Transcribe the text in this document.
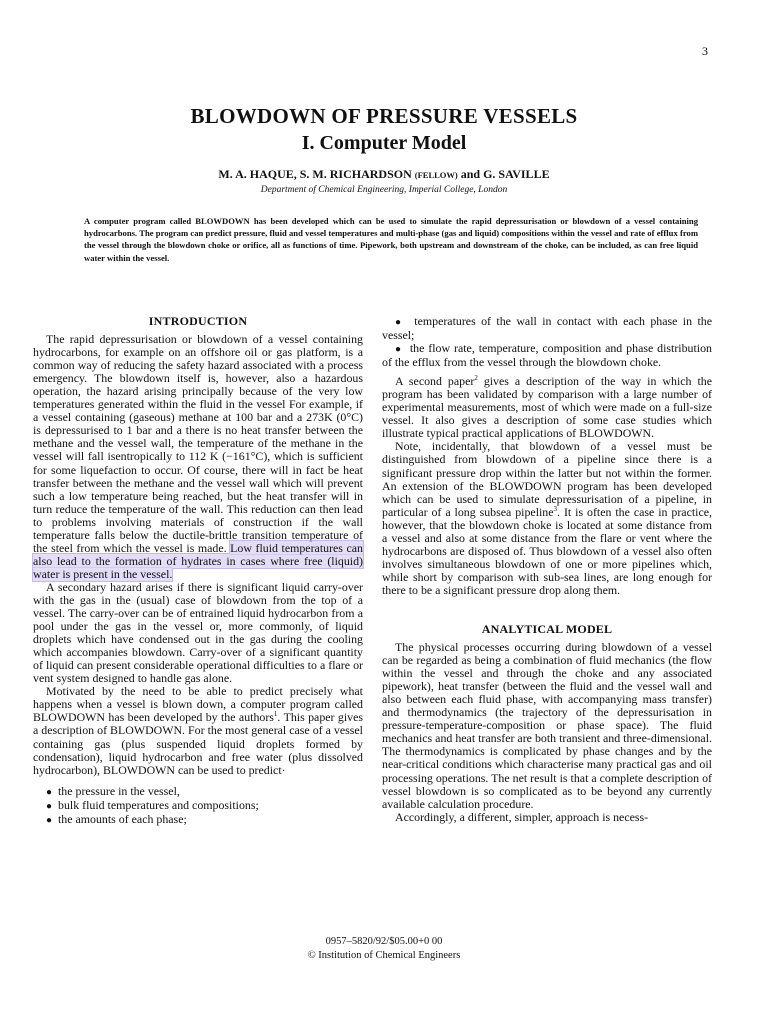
3
BLOWDOWN OF PRESSURE VESSELS
I. Computer Model
M. A. HAQUE, S. M. RICHARDSON (FELLOW) and G. SAVILLE
Department of Chemical Engineering, Imperial College, London
A computer program called BLOWDOWN has been developed which can be used to simulate the rapid depressurisation or blowdown of a vessel containing hydrocarbons. The program can predict pressure, fluid and vessel temperatures and multi-phase (gas and liquid) compositions within the vessel and rate of efflux from the vessel through the blowdown choke or orifice, all as functions of time. Pipework, both upstream and downstream of the choke, can be included, as can free liquid water within the vessel.
INTRODUCTION

The rapid depressurisation or blowdown of a vessel containing hydrocarbons, for example on an offshore oil or gas platform, is a common way of reducing the safety hazard associated with a process emergency. The blowdown itself is, however, also a hazardous operation, the hazard arising principally because of the very low temperatures generated within the fluid in the vessel For example, if a vessel containing (gaseous) methane at 100 bar and a 273K (0°C) is depressurised to 1 bar and a there is no heat transfer between the methane and the vessel wall, the temperature of the methane in the vessel will fall isentropically to 112 K (−161°C), which is sufficient for some liquefaction to occur. Of course, there will in fact be heat transfer between the methane and the vessel wall which will prevent such a low temperature being reached, but the heat transfer will in turn reduce the temperature of the wall. This reduction can then lead to problems involving materials of construction if the wall temperature falls below the ductile-brittle transition temperature of the steel from which the vessel is made. Low fluid temperatures can also lead to the formation of hydrates in cases where free (liquid) water is present in the vessel.

A secondary hazard arises if there is significant liquid carry-over with the gas in the (usual) case of blowdown from the top of a vessel. The carry-over can be of entrained liquid hydrocarbon from a pool under the gas in the vessel or, more commonly, of liquid droplets which have condensed out in the gas during the cooling which accompanies blowdown. Carry-over of a significant quantity of liquid can present considerable operational difficulties to a flare or vent system designed to handle gas alone.

Motivated by the need to be able to predict precisely what happens when a vessel is blown down, a computer program called BLOWDOWN has been developed by the authors$^1$. This paper gives a description of BLOWDOWN. For the most general case of a vessel containing gas (plus suspended liquid droplets formed by condensation), liquid hydrocarbon and free water (plus dissolved hydrocarbon), BLOWDOWN can be used to predict·

● the pressure in the vessel,

● bulk fluid temperatures and compositions;

● the amounts of each phase;

● temperatures of the wall in contact with each phase in the vessel;

● the flow rate, temperature, composition and phase distribution of the efflux from the vessel through the blowdown choke.

A second paper$^2$ gives a description of the way in which the program has been validated by comparison with a large number of experimental measurements, most of which were made on a full-size vessel. It also gives a description of some case studies which illustrate typical practical applications of BLOWDOWN.

Note, incidentally, that blowdown of a vessel must be distinguished from blowdown of a pipeline since there is a significant pressure drop within the latter but not within the former. An extension of the BLOWDOWN program has been developed which can be used to simulate depressurisation of a pipeline, in particular of a long subsea pipeline$^3$. It is often the case in practice, however, that the blowdown choke is located at some distance from a vessel and also at some distance from the flare or vent where the hydrocarbons are disposed of. Thus blowdown of a vessel also often involves simultaneous blowdown of one or more pipelines which, while short by comparison with sub-sea lines, are long enough for there to be a significant pressure drop along them.

ANALYTICAL MODEL

The physical processes occurring during blowdown of a vessel can be regarded as being a combination of fluid mechanics (the flow within the vessel and through the choke and any associated pipework), heat transfer (between the fluid and the vessel wall and also between each fluid phase, with accompanying mass transfer) and thermodynamics (the trajectory of the depressurisation in pressure-temperature-composition or phase space). The fluid mechanics and heat transfer are both transient and three-dimensional. The thermodynamics is complicated by phase changes and by the near-critical conditions which characterise many practical gas and oil processing operations. The net result is that a complete description of vessel blowdown is so complicated as to be beyond any currently available calculation procedure.

Accordingly, a different, simpler, approach is necess-

0957–5820/92/$05.00+0 00
© Institution of Chemical Engineers
